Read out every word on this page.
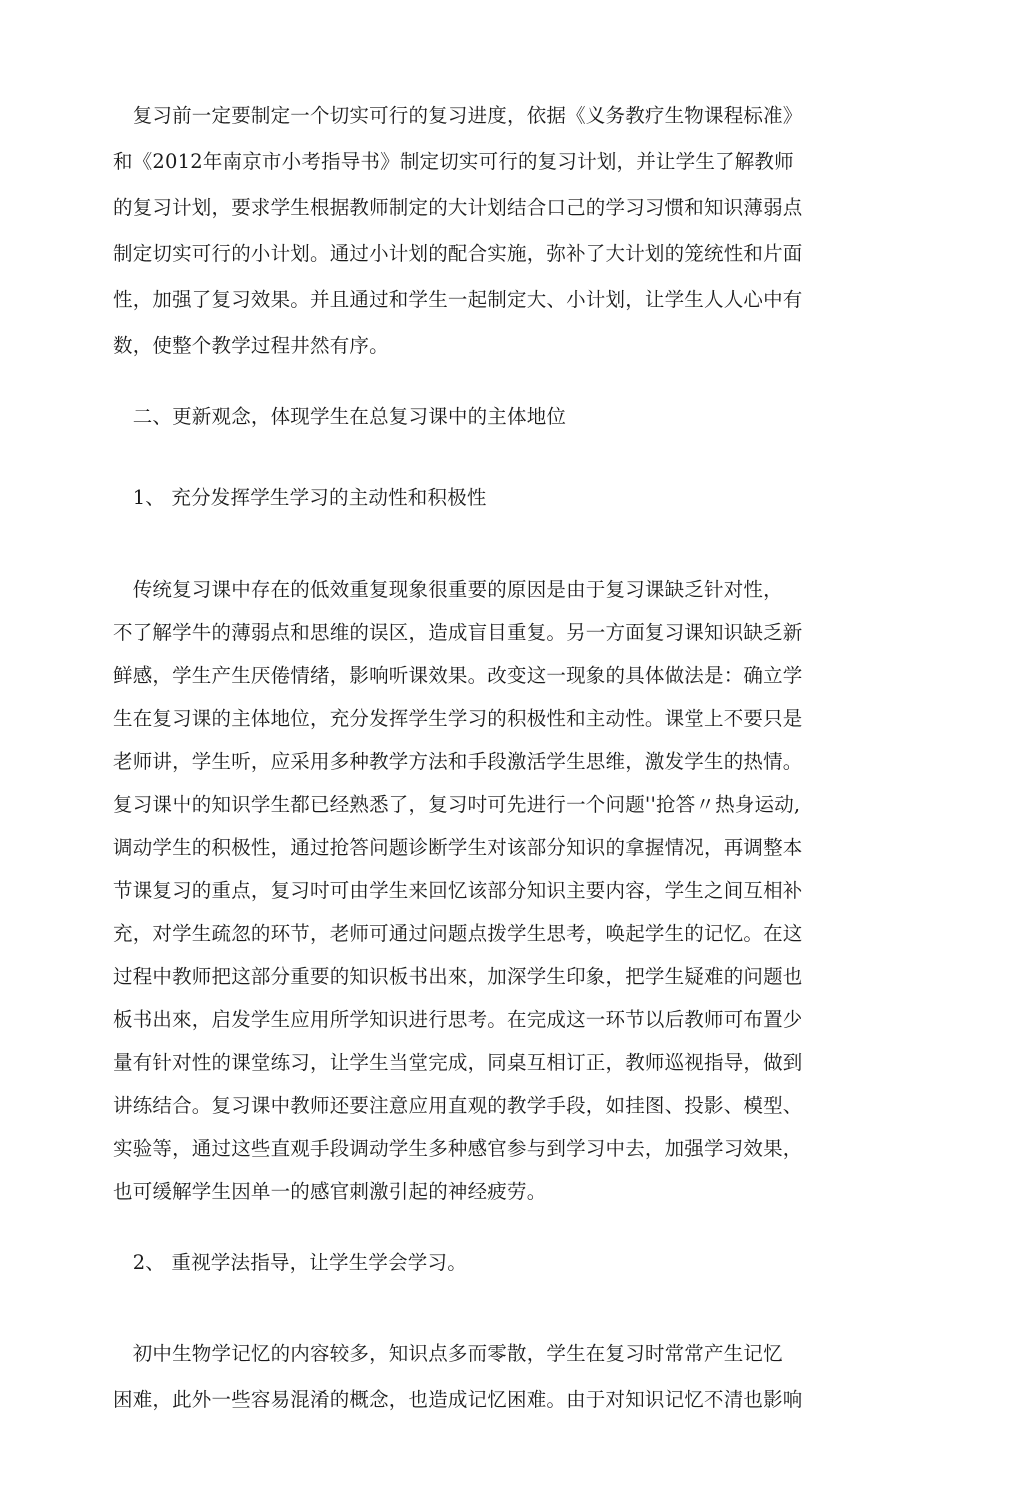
　复习前一定要制定一个切实可行的复习进度，依据《义务教疗生物课程标准》
和《2012年南京市小考指导书》制定切实可行的复习计划，并让学生了解教师
的复习计划，要求学生根据教师制定的大计划结合口己的学习习惯和知识薄弱点
制定切实可行的小计划。通过小计划的配合实施，弥补了大计划的笼统性和片面
性，加强了复习效果。并且通过和学生一起制定大、小计划，让学生人人心中有
数，使整个教学过程井然有序。
　二、更新观念，体现学生在总复习课中的主体地位
　1、 充分发挥学生学习的主动性和积极性
　传统复习课中存在的低效重复现象很重要的原因是由于复习课缺乏针对性，
不了解学牛的薄弱点和思维的误区，造成盲目重复。另一方面复习课知识缺乏新
鲜感，学生产生厌倦情绪，影响听课效果。改变这一现象的具体做法是：确立学
生在复习课的主体地位，充分发挥学生学习的积极性和主动性。课堂上不要只是
老师讲，学生听，应采用多种教学方法和手段激活学生思维，激发学生的热情。
复习课屮的知识学生都已经熟悉了，复习吋可先进行一个问题''抢答〃热身运动,
调动学生的积极性，通过抢答问题诊断学生对该部分知识的拿握情况，再调整本
节课复习的重点，复习吋可由学生来回忆该部分知识主要内容，学生之间互相补
充，对学生疏忽的环节，老师可通过问题点拨学生思考，唤起学生的记忆。在这
过程中教师把这部分重要的知识板书出來，加深学生印象，把学生疑难的问题也
板书出來，启发学生应用所学知识进行思考。在完成这一环节以后教师可布置少
量有针对性的课堂练习，让学生当堂完成，同桌互相订正，教师巡视指导，做到
讲练结合。复习课中教师还要注意应用直观的教学手段，如挂图、投影、模型、
实验等，通过这些直观手段调动学生多种感官参与到学习中去，加强学习效果，
也可缓解学生因单一的感官刺激引起的神经疲劳。
　2、 重视学法指导，让学生学会学习。
　初中生物学记忆的内容较多，知识点多而零散，学生在复习时常常产生记忆
困难，此外一些容易混淆的概念，也造成记忆困难。由于对知识记忆不清也影响
